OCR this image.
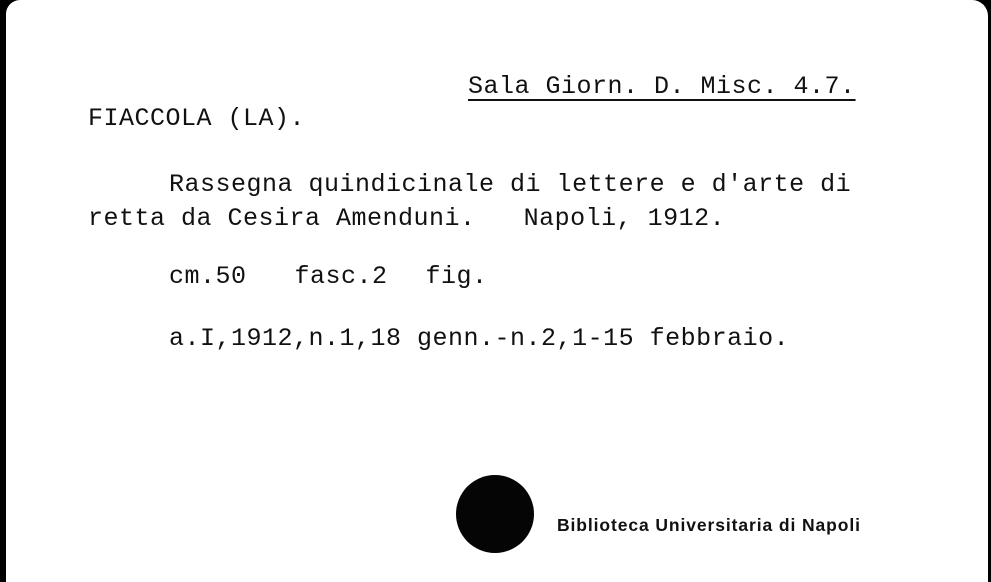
Sala Giorn. D. Misc. 4.7.
FIACCOLA (LA).
Rassegna quindicinale di lettere e d'arte di
retta da Cesira Amenduni. Napoli, 1912.
cm.50 fasc.2 fig.
a.I,1912,n.1,18 genn.-n.2,1-15 febbraio.
Biblioteca Universitaria di Napoli
